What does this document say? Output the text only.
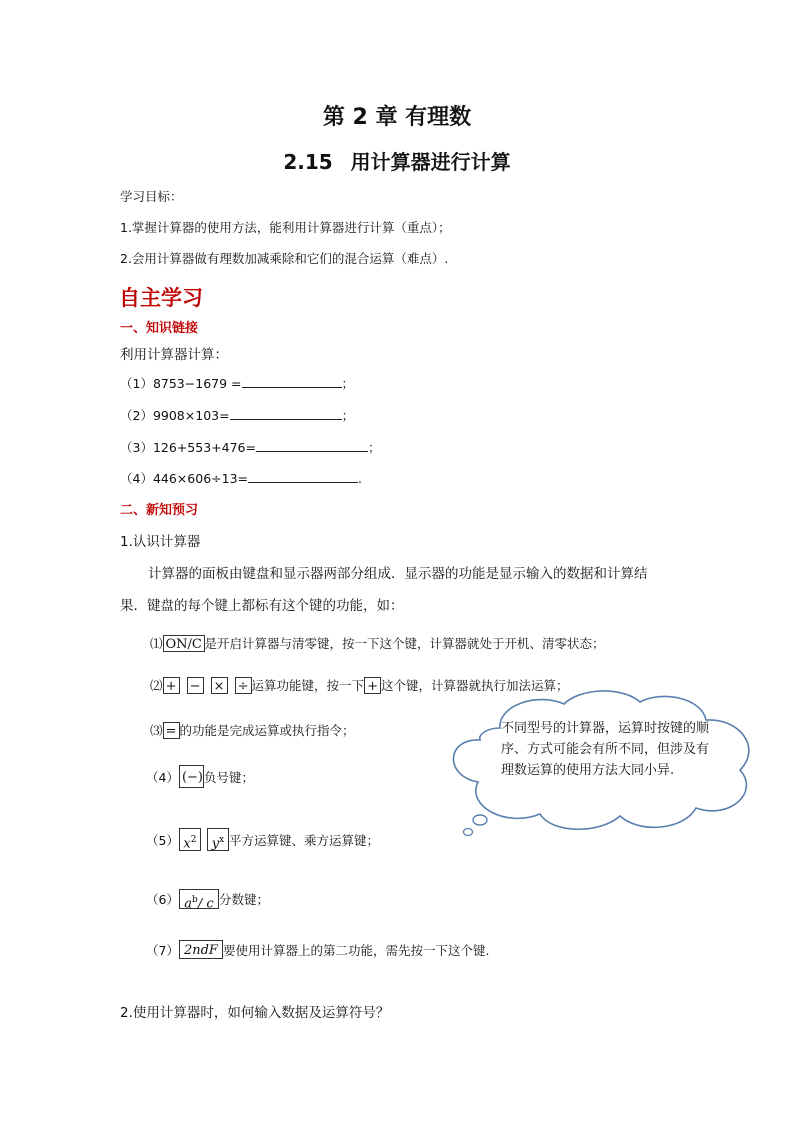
第 2 章 有理数
2.15 用计算器进行计算
学习目标：
1.掌握计算器的使用方法，能利用计算器进行计算（重点）；
2.会用计算器做有理数加减乘除和它们的混合运算（难点）.
自主学习
一、知识链接
利用计算器计算：
（1）8753−1679 =	；
（2）9908×103=	；
（3）126+553+476=	；
（4）446×606÷13=	.
二、新知预习
1.认识计算器
计算器的面板由键盘和显示器两部分组成．显示器的功能是显示输入的数据和计算结
果．键盘的每个键上都标有这个键的功能，如：
⑴ ON/C 是开启计算器与清零键，按一下这个键，计算器就处于开机、清零状态；
⑵ + − × ÷ 运算功能键，按一下 + 这个键，计算器就执行加法运算；
⑶ = 的功能是完成运算或执行指令；
（4） (−) 负号键；
（5） $x^2$	$y^x$ 平方运算键、乘方运算键；
（6） $a^b/$ c 分数键；
（7） 2ndF 要使用计算器上的第二功能，需先按一下这个键.
2.使用计算器时，如何输入数据及运算符号？
不同型号的计算器，运算时按键的顺序、方式可能会有所不同，但涉及有理数运算的使用方法大同小异.
